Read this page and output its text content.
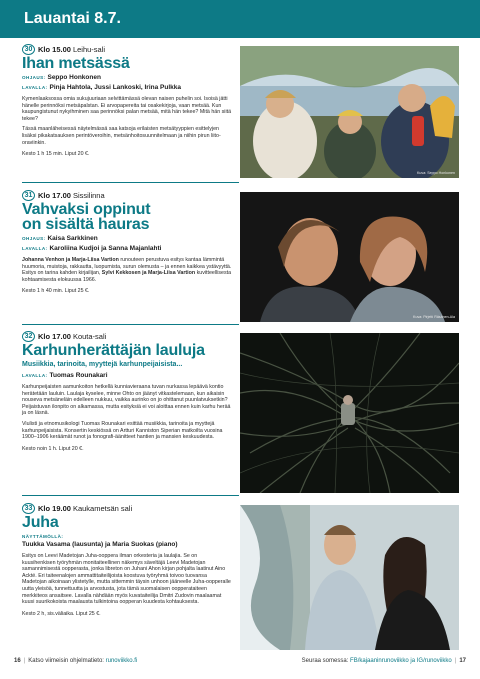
Lauantai 8.7.
30 Klo 15.00 Leihu-sali
Ihan metsässä
OHJAUS: Seppo Honkonen
LAVALLA: Pinja Hahtola, Jussi Lankoski, Irina Pulkka
Kymenlaaksossa omia sukujuuriaan selvittämässä olevan naisen puhelin soi. Isoisä jätti hänelle perinnöksi metsäpalstan. Ei arvopapereita tai osakekirjoja, vaan metsää. Kun kaupungistunut nykyihminen saa perinnöksi palan metsää, mitä hän tekee? Mitä hän siitä tekee?
Tässä maanläheisessä näytelmässä saa katsoja erilaisten metsätyyppien esittelyjen lisäksi pikakatsauksen perintöveroihin, metsänhoitosuunnitelmaan ja niihin pirun liito-oraviinkin.
Kesto 1 h 15 min. Liput 20 €.
Kuva: Seppo Honkonen
31 Klo 17.00 Sissilinna
Vahvaksi oppinut
on sisältä hauras
OHJAUS: Kaisa Sarkkinen
LAVALLA: Karoliina Kudjoi ja Sanna Majanlahti
Johanna Venhon ja Marja-Liisa Vartion runouteen perustuva esitys kantaa lämmintä huumoria, muistoja, rakkautta, luopumista, surun olemusta – ja ennen kaikkea ystävyyttä. Esitys on tarina kahden kirjailijan, Sylvi Kekkosen ja Marja-Liisa Vartion kuvitteellisesta kohtaamisesta elokuussa 1966.
Kesto 1 h 40 min. Liput 25 €.
Kuva: Pirjetti Räsänen-Ala
32 Klo 17.00 Kouta-sali
Karhunherättäjän lauluja
Musiikkia, tarinoita, myyttejä karhunpeijaisista...
LAVALLA: Tuomas Rounakari
Karhunpeijaisten aamunkoiton hetkellä kunniavieraana tuvan nurkassa lepäävä kontio herätetään lauluin. Laulaja kyselee, minne Ohto on jäänyt vitkastelemaan, kun aikaisin nouseva metsäneläin edelleen nukkuu, vaikka aurinko on jo ohittanut puunlatvuksetkin? Peijaistuvan ilonpito on alkamassa, mutta esityksiä ei voi aloittaa ennen kuin karhu herää ja on läsnä.
Viulisti ja etnomusikologi Tuomas Rounakari esittää musiikkia, tarinoita ja myyttejä karhunpeijaisista. Konsertin keskiössä on Artturi Kanniston Siperian matkoilta vuosina 1900–1906 keräämät runot ja fonografi-äänitteet hantien ja mansien keskuudesta.
Kesto noin 1 h. Liput 20 €.
33 Klo 19.00 Kaukametsän sali
Juha
NÄYTTÄMÖLLÄ:
Tuukka Vasama (lausunta) ja Maria Suokas (piano)
Esitys on Leevi Madetojan Juha-ooppera ilman orkesteria ja laulajia. Se on kuusihenkisen työryhmän monitaiteellinen näkemys säveltäjä Leevi Madetojan samannimisestä oopperasta, jonka libreton on Juhani Ahon kirjan pohjalta laatinut Aino Ackté. Eri taiteenalojen ammattitaiteilijoista koostuva työryhmä toivoo tuovansa Madetojan aikoinaan ylistetylle, mutta sittemmin täysin unhoon jääneelle Juha-oopperalle uutta yleisöä, tunnettuutta ja arvostusta, jota tämä suomalaisen oopperataiteen merkkiteos ansaitsee. Lavalla nähdään myös kuvataiteilija Dmitri Zudovin maalaamat kuusi suurikokoista maalausta tulkintoina oopperan kuudesta kohtauksesta.
Kesto 2 h, sis.väliaika. Liput 25 €.
16 | Katso viimeisin ohjelmatieto: runoviikko.fi	Seuraa somessa: FB/kajaaninrunoviikko ja IG/runoviikko | 17
